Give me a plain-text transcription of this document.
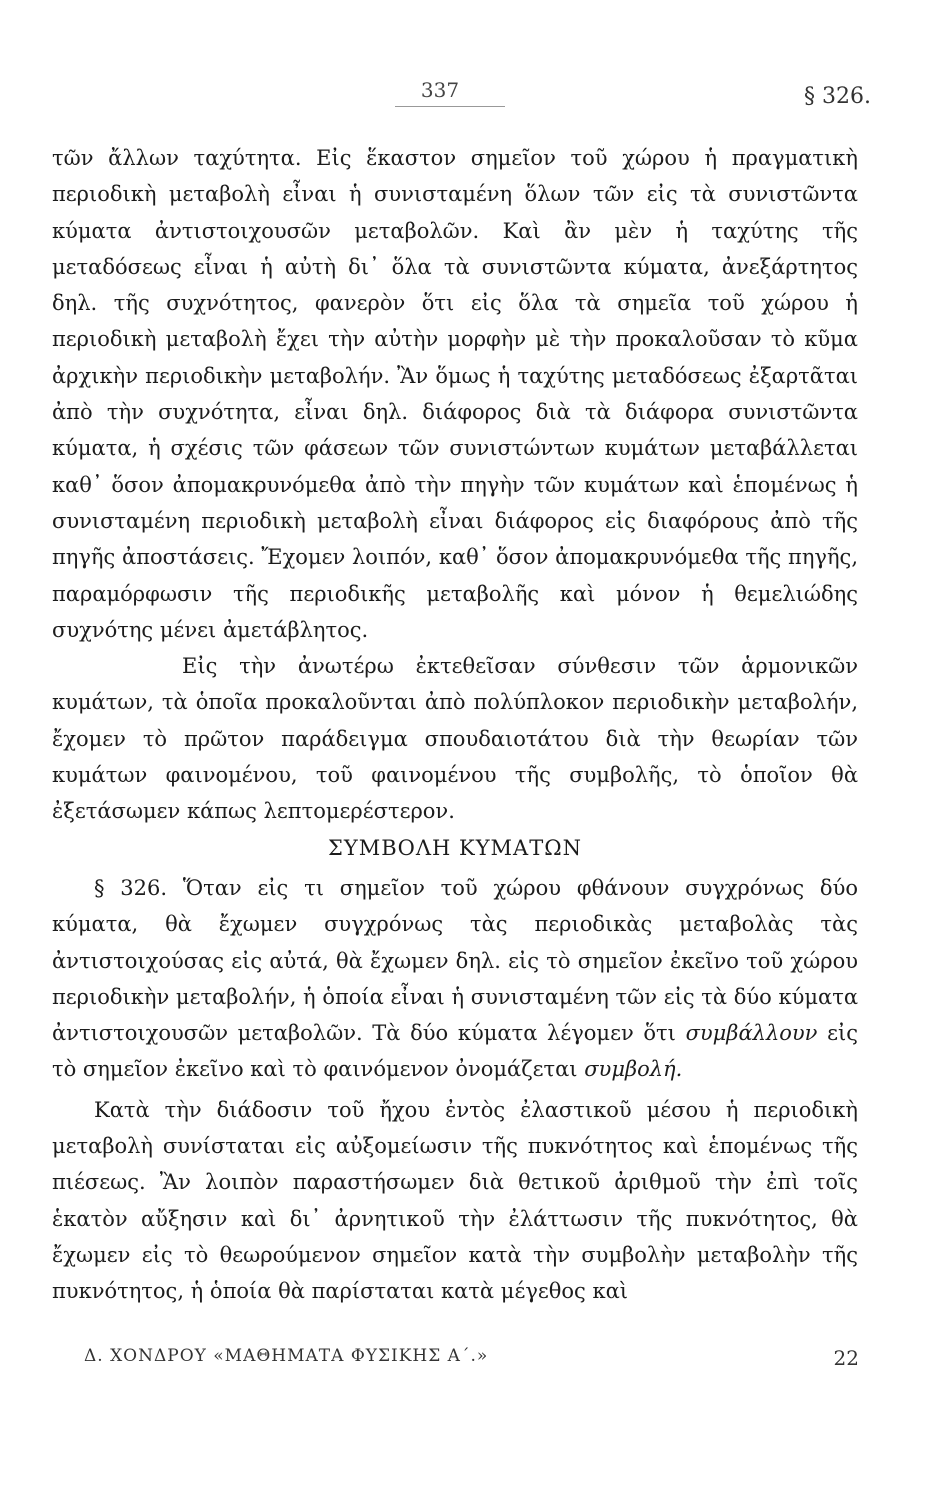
337	§ 326.

τῶν ἄλλων ταχύτητα. Εἰς ἕκαστον σημεῖον τοῦ χώρου ἡ πραγματικὴ περιοδικὴ μεταβολὴ εἶναι ἡ συνισταμένη ὅλων τῶν εἰς τὰ συνιστῶντα κύματα ἀντιστοιχουσῶν μεταβολῶν. Καὶ ἂν μὲν ἡ ταχύτης τῆς μεταδόσεως εἶναι ἡ αὐτὴ δι᾽ ὅλα τὰ συνιστῶντα κύματα, ἀνεξάρτητος δηλ. τῆς συχνότητος, φανερὸν ὅτι εἰς ὅλα τὰ σημεῖα τοῦ χώρου ἡ περιοδικὴ μεταβολὴ ἔχει τὴν αὐτὴν μορφὴν μὲ τὴν προκαλοῦσαν τὸ κῦμα ἀρχικὴν περιοδικὴν μεταβολήν. Ἂν ὅμως ἡ ταχύτης μεταδόσεως ἐξαρτᾶται ἀπὸ τὴν συχνότητα, εἶναι δηλ. διάφορος διὰ τὰ διάφορα συνιστῶντα κύματα, ἡ σχέσις τῶν φάσεων τῶν συνιστώντων κυμάτων μεταβάλλεται καθ᾽ ὅσον ἀπομακρυνόμεθα ἀπὸ τὴν πηγὴν τῶν κυμάτων καὶ ἑπομένως ἡ συνισταμένη περιοδικὴ μεταβολὴ εἶναι διάφορος εἰς διαφόρους ἀπὸ τῆς πηγῆς ἀποστάσεις. Ἔχομεν λοιπόν, καθ᾽ ὅσον ἀπομακρυνόμεθα τῆς πηγῆς, παραμόρφωσιν τῆς περιοδικῆς μεταβολῆς καὶ μόνον ἡ θεμελιώδης συχνότης μένει ἀμετάβλητος.

Εἰς τὴν ἀνωτέρω ἐκτεθεῖσαν σύνθεσιν τῶν ἁρμονικῶν κυμάτων, τὰ ὁποῖα προκαλοῦνται ἀπὸ πολύπλοκον περιοδικὴν μεταβολήν, ἔχομεν τὸ πρῶτον παράδειγμα σπουδαιοτάτου διὰ τὴν θεωρίαν τῶν κυμάτων φαινομένου, τοῦ φαινομένου τῆς συμβολῆς, τὸ ὁποῖον θὰ ἐξετάσωμεν κάπως λεπτομερέστερον.

ΣΥΜΒΟΛΗ ΚΥΜΑΤΩΝ

§ 326. Ὅταν εἰς τι σημεῖον τοῦ χώρου φθάνουν συγχρόνως δύο κύματα, θὰ ἔχωμεν συγχρόνως τὰς περιοδικὰς μεταβολὰς τὰς ἀντιστοιχούσας εἰς αὐτά, θὰ ἔχωμεν δηλ. εἰς τὸ σημεῖον ἐκεῖνο τοῦ χώρου περιοδικὴν μεταβολήν, ἡ ὁποία εἶναι ἡ συνισταμένη τῶν εἰς τὰ δύο κύματα ἀντιστοιχουσῶν μεταβολῶν. Τὰ δύο κύματα λέγομεν ὅτι συμβάλλουν εἰς τὸ σημεῖον ἐκεῖνο καὶ τὸ φαινόμενον ὀνομάζεται συμβολή.

Κατὰ τὴν διάδοσιν τοῦ ἤχου ἐντὸς ἐλαστικοῦ μέσου ἡ περιοδικὴ μεταβολὴ συνίσταται εἰς αὐξομείωσιν τῆς πυκνότητος καὶ ἑπομένως τῆς πιέσεως. Ἂν λοιπὸν παραστήσωμεν διὰ θετικοῦ ἀριθμοῦ τὴν ἐπὶ τοῖς ἑκατὸν αὔξησιν καὶ δι᾽ ἀρνητικοῦ τὴν ἐλάττωσιν τῆς πυκνότητος, θὰ ἔχωμεν εἰς τὸ θεωρούμενον σημεῖον κατὰ τὴν συμβολὴν μεταβολὴν τῆς πυκνότητος, ἡ ὁποία θὰ παρίσταται κατὰ μέγεθος καὶ

Δ. ΧΟΝΔΡΟΥ «ΜΑΘΗΜΑΤΑ ΦΥΣΙΚΗΣ Α΄.»	22
